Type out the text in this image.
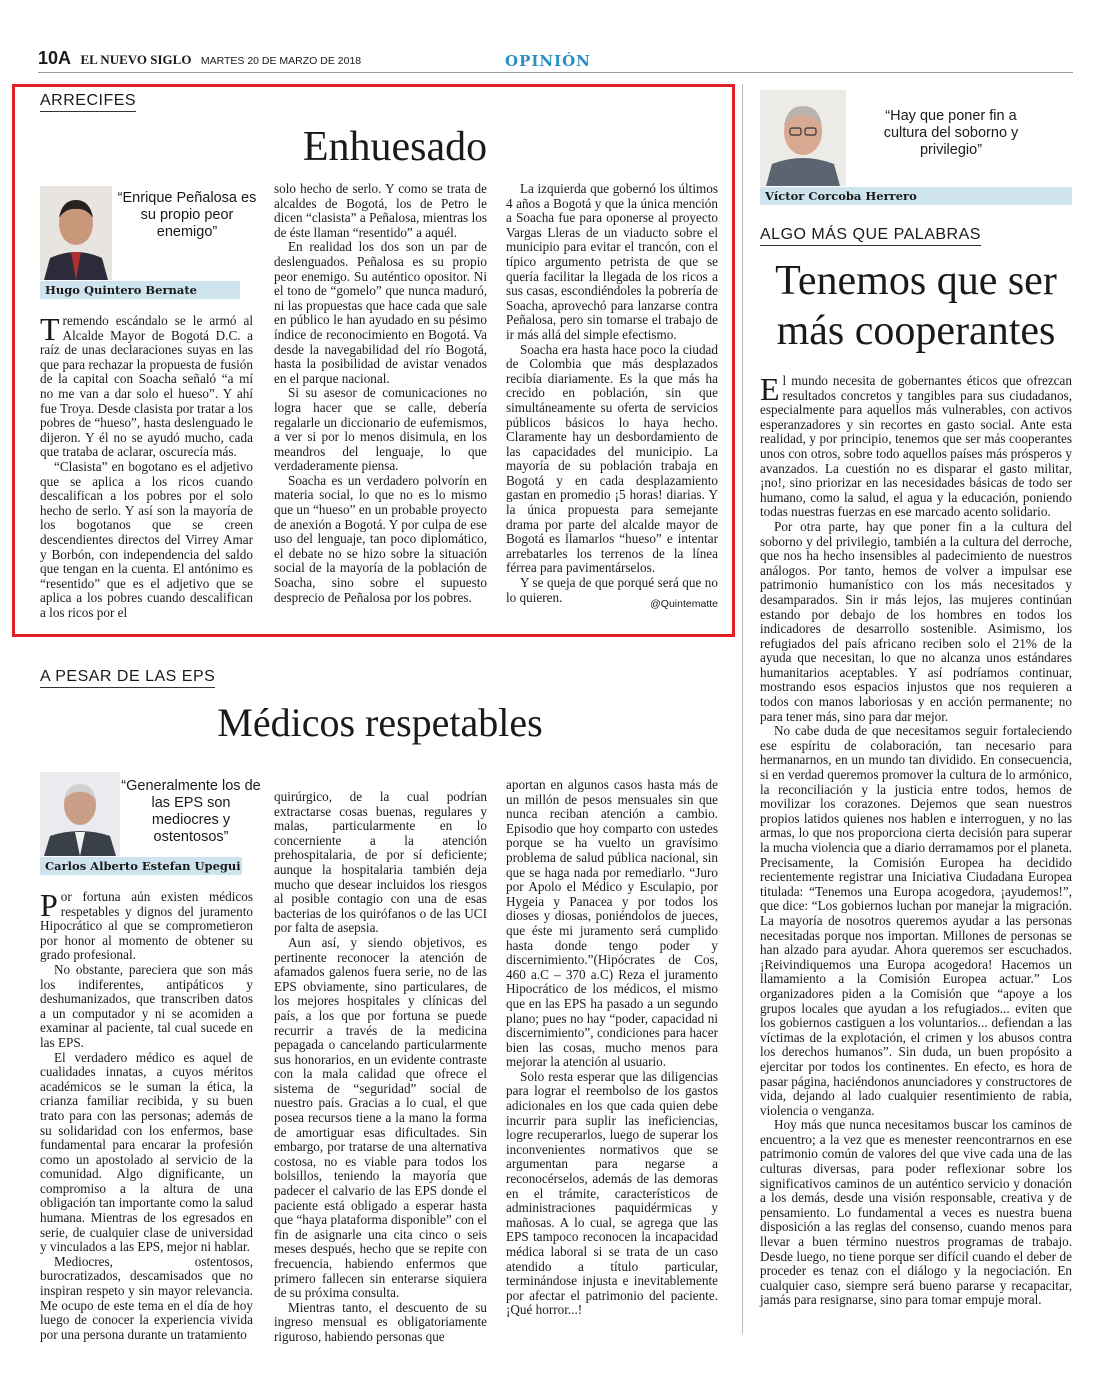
10A EL NUEVO SIGLO MARTES 20 DE MARZO DE 2018	OPINIÓN
ARRECIFES
Enhuesado
“Enrique Peñalosa es su propio peor enemigo”
Hugo Quintero Bernate

Tremendo escándalo se le armó al Alcalde Mayor de Bogotá D.C. a raíz de unas declaraciones suyas en las que para rechazar la propuesta de fusión de la capital con Soacha señaló “a mí no me van a dar solo el hueso”. Y ahí fue Troya. Desde clasista por tratar a los pobres de “hueso”, hasta deslenguado le dijeron. Y él no se ayudó mucho, cada que trataba de aclarar, oscurecía más.

“Clasista” en bogotano es el adjetivo que se aplica a los ricos cuando descalifican a los pobres por el solo hecho de serlo. Y así son la mayoría de los bogotanos que se creen descendientes directos del Virrey Amar y Borbón, con independencia del saldo que tengan en la cuenta. El antónimo es “resentido” que es el adjetivo que se aplica a los pobres cuando descalifican a los ricos por el

solo hecho de serlo. Y como se trata de alcaldes de Bogotá, los de Petro le dicen “clasista” a Peñalosa, mientras los de éste llaman “resentido” a aquél.

En realidad los dos son un par de deslenguados. Peñalosa es su propio peor enemigo. Su auténtico opositor. Ni el tono de “gomelo” que nunca maduró, ni las propuestas que hace cada que sale en público le han ayudado en su pésimo índice de reconocimiento en Bogotá. Va desde la navegabilidad del río Bogotá, hasta la posibilidad de avistar venados en el parque nacional.

Si su asesor de comunicaciones no logra hacer que se calle, debería regalarle un diccionario de eufemismos, a ver si por lo menos disimula, en los meandros del lenguaje, lo que verdaderamente piensa.

Soacha es un verdadero polvorín en materia social, lo que no es lo mismo que un “hueso” en un probable proyecto de anexión a Bogotá. Y por culpa de ese uso del lenguaje, tan poco diplomático, el debate no se hizo sobre la situación social de la mayoría de la población de Soacha, sino sobre el supuesto desprecio de Peñalosa por los pobres.

La izquierda que gobernó los últimos 4 años a Bogotá y que la única mención a Soacha fue para oponerse al proyecto Vargas Lleras de un viaducto sobre el municipio para evitar el trancón, con el típico argumento petrista de que se quería facilitar la llegada de los ricos a sus casas, escondiéndoles la pobrería de Soacha, aprovechó para lanzarse contra Peñalosa, pero sin tomarse el trabajo de ir más allá del simple efectismo.

Soacha era hasta hace poco la ciudad de Colombia que más desplazados recibía diariamente. Es la que más ha crecido en población, sin que simultáneamente su oferta de servicios públicos básicos lo haya hecho. Claramente hay un desbordamiento de las capacidades del municipio. La mayoría de su población trabaja en Bogotá y en cada desplazamiento gastan en promedio ¡5 horas! diarias. Y la única propuesta para semejante drama por parte del alcalde mayor de Bogotá es llamarlos “hueso” e intentar arrebatarles los terrenos de la línea férrea para pavimentárselos.

Y se queja de que porqué será que no lo quieren.	@Quintematte
A PESAR DE LAS EPS
Médicos respetables
“Generalmente los de las EPS son mediocres y ostentosos”
Carlos Alberto Estefan Upegui

Por fortuna aún existen médicos respetables y dignos del juramento Hipocrático al que se comprometieron por honor al momento de obtener su grado profesional.

No obstante, pareciera que son más los indiferentes, antipáticos y deshumanizados, que transcriben datos a un computador y ni se acomiden a examinar al paciente, tal cual sucede en las EPS.

El verdadero médico es aquel de cualidades innatas, a cuyos méritos académicos se le suman la ética, la crianza familiar recibida, y su buen trato para con las personas; además de su solidaridad con los enfermos, base fundamental para encarar la profesión como un apostolado al servicio de la comunidad. Algo dignificante, un compromiso a la altura de una obligación tan importante como la salud humana. Mientras de los egresados en serie, de cualquier clase de universidad y vinculados a las EPS, mejor ni hablar.

Mediocres, ostentosos, burocratizados, descamisados que no inspiran respeto y sin mayor relevancia. Me ocupo de este tema en el día de hoy luego de conocer la experiencia vivida por una persona durante un tratamiento

quirúrgico, de la cual podrían extractarse cosas buenas, regulares y malas, particularmente en lo concerniente a la atención prehospitalaria, de por sí deficiente; aunque la hospitalaria también deja mucho que desear incluidos los riesgos al posible contagio con una de esas bacterias de los quirófanos o de las UCI por falta de asepsia.

Aun así, y siendo objetivos, es pertinente reconocer la atención de afamados galenos fuera serie, no de las EPS obviamente, sino particulares, de los mejores hospitales y clínicas del país, a los que por fortuna se puede recurrir a través de la medicina pepagada o cancelando particularmente sus honorarios, en un evidente contraste con la mala calidad que ofrece el sistema de “seguridad” social de nuestro país. Gracias a lo cual, el que posea recursos tiene a la mano la forma de amortiguar esas dificultades. Sin embargo, por tratarse de una alternativa costosa, no es viable para todos los bolsillos, teniendo la mayoría que padecer el calvario de las EPS donde el paciente está obligado a esperar hasta que “haya plataforma disponible” con el fin de asignarle una cita cinco o seis meses después, hecho que se repite con frecuencia, habiendo enfermos que primero fallecen sin enterarse siquiera de su próxima consulta.

Mientras tanto, el descuento de su ingreso mensual es obligatoriamente riguroso, habiendo personas que

aportan en algunos casos hasta más de un millón de pesos mensuales sin que nunca reciban atención a cambio. Episodio que hoy comparto con ustedes porque se ha vuelto un gravísimo problema de salud pública nacional, sin que se haga nada por remediarlo. “Juro por Apolo el Médico y Esculapio, por Hygeia y Panacea y por todos los dioses y diosas, poniéndolos de jueces, que éste mi juramento será cumplido hasta donde tengo poder y discernimiento.”(Hipócrates de Cos, 460 a.C – 370 a.C) Reza el juramento Hipocrático de los médicos, el mismo que en las EPS ha pasado a un segundo plano; pues no hay “poder, capacidad ni discernimiento”, condiciones para hacer bien las cosas, mucho menos para mejorar la atención al usuario.

Solo resta esperar que las diligencias para lograr el reembolso de los gastos adicionales en los que cada quien debe incurrir para suplir las ineficiencias, logre recuperarlos, luego de superar los inconvenientes normativos que se argumentan para negarse a reconocérselos, además de las demoras en el trámite, característicos de administraciones paquidérmicas y mañosas. A lo cual, se agrega que las EPS tampoco reconocen la incapacidad médica laboral si se trata de un caso atendido a título particular, terminándose injusta e inevitablemente por afectar el patrimonio del paciente. ¡Qué horror...!

“Hay que poner fin a cultura del soborno y privilegio”
Víctor Corcoba Herrero
ALGO MÁS QUE PALABRAS
Tenemos que ser
más cooperantes

El mundo necesita de gobernantes éticos que ofrezcan resultados concretos y tangibles para sus ciudadanos, especialmente para aquellos más vulnerables, con activos esperanzadores y sin recortes en gasto social. Ante esta realidad, y por principio, tenemos que ser más cooperantes unos con otros, sobre todo aquellos países más prósperos y avanzados. La cuestión no es disparar el gasto militar, ¡no!, sino priorizar en las necesidades básicas de todo ser humano, como la salud, el agua y la educación, poniendo todas nuestras fuerzas en ese marcado acento solidario.

Por otra parte, hay que poner fin a la cultura del soborno y del privilegio, también a la cultura del derroche, que nos ha hecho insensibles al padecimiento de nuestros análogos. Por tanto, hemos de volver a impulsar ese patrimonio humanístico con los más necesitados y desamparados. Sin ir más lejos, las mujeres continúan estando por debajo de los hombres en todos los indicadores de desarrollo sostenible. Asimismo, los refugiados del país africano reciben solo el 21% de la ayuda que necesitan, lo que no alcanza unos estándares humanitarios aceptables. Y así podríamos continuar, mostrando esos espacios injustos que nos requieren a todos con manos laboriosas y en acción permanente; no para tener más, sino para dar mejor.

No cabe duda de que necesitamos seguir fortaleciendo ese espíritu de colaboración, tan necesario para hermanarnos, en un mundo tan dividido. En consecuencia, si en verdad queremos promover la cultura de lo armónico, la reconciliación y la justicia entre todos, hemos de movilizar los corazones. Dejemos que sean nuestros propios latidos quienes nos hablen e interroguen, y no las armas, lo que nos proporciona cierta decisión para superar la mucha violencia que a diario derramamos por el planeta. Precisamente, la Comisión Europea ha decidido recientemente registrar una Iniciativa Ciudadana Europea titulada: “Tenemos una Europa acogedora, ¡ayudemos!”, que dice: “Los gobiernos luchan por manejar la migración. La mayoría de nosotros queremos ayudar a las personas necesitadas porque nos importan. Millones de personas se han alzado para ayudar. Ahora queremos ser escuchados. ¡Reivindiquemos una Europa acogedora! Hacemos un llamamiento a la Comisión Europea actuar.” Los organizadores piden a la Comisión que “apoye a los grupos locales que ayudan a los refugiados... eviten que los gobiernos castiguen a los voluntarios... defiendan a las víctimas de la explotación, el crimen y los abusos contra los derechos humanos”. Sin duda, un buen propósito a ejercitar por todos los continentes. En efecto, es hora de pasar página, haciéndonos anunciadores y constructores de vida, dejando al lado cualquier resentimiento de rabia, violencia o venganza.

Hoy más que nunca necesitamos buscar los caminos de encuentro; a la vez que es menester reencontrarnos en ese patrimonio común de valores del que vive cada una de las culturas diversas, para poder reflexionar sobre los significativos caminos de un auténtico servicio y donación a los demás, desde una visión responsable, creativa y de pensamiento. Lo fundamental a veces es nuestra buena disposición a las reglas del consenso, cuando menos para llevar a buen término nuestros programas de trabajo. Desde luego, no tiene porque ser difícil cuando el deber de proceder es tenaz con el diálogo y la negociación. En cualquier caso, siempre será bueno pararse y recapacitar, jamás para resignarse, sino para tomar empuje moral.
